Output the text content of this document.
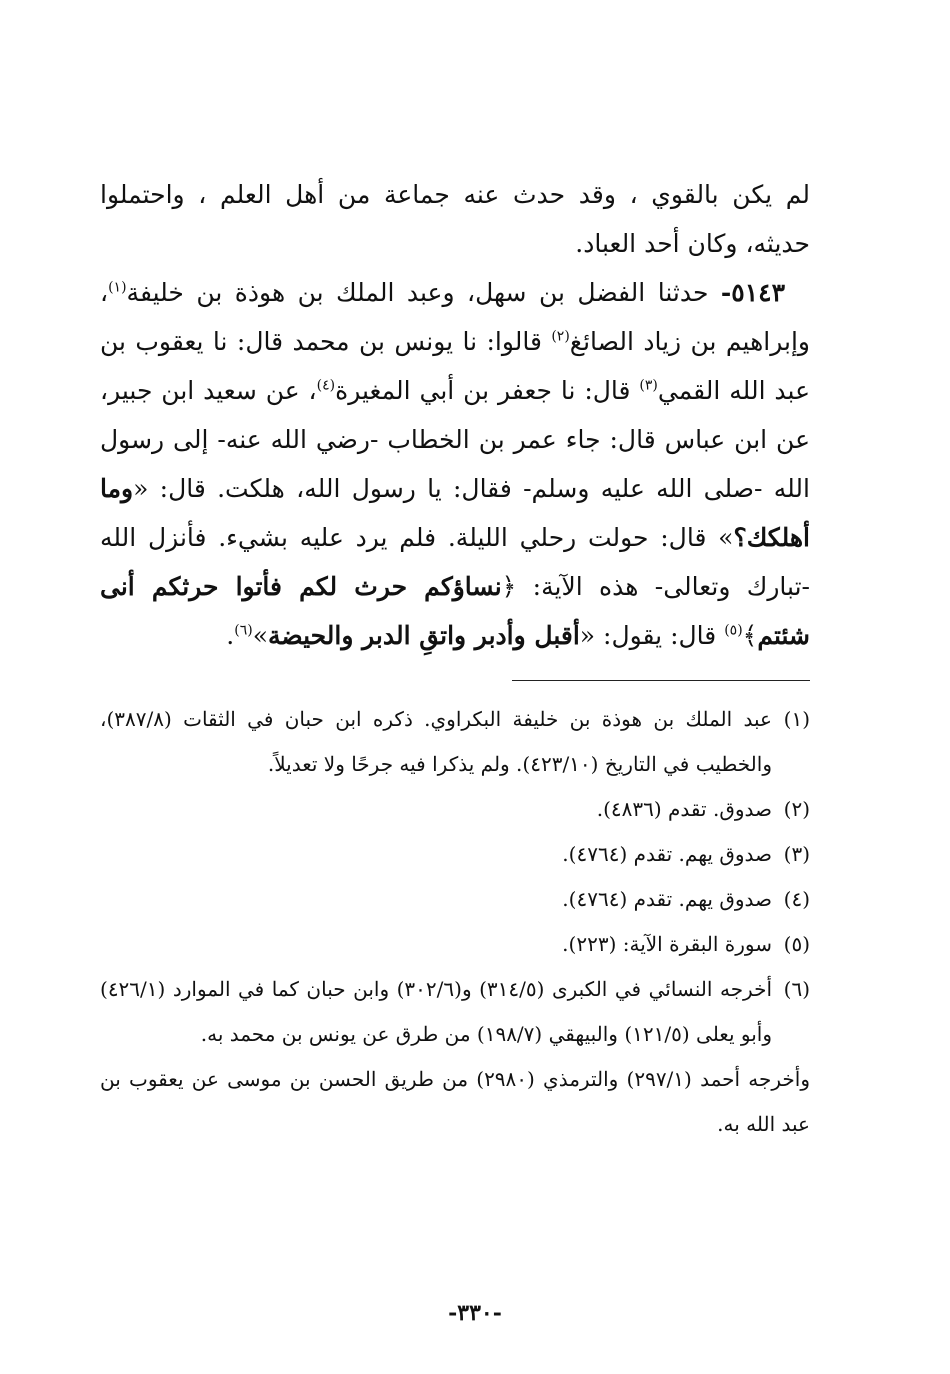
لم يكن بالقوي ، وقد حدث عنه جماعة من أهل العلم ، واحتملوا حديثه، وكان أحد العباد.

 ٥١٤٣- حدثنا الفضل بن سهل، وعبد الملك بن هوذة بن خليفة$^{(١)}$، وإبراهيم بن زياد الصائغ$^{(٢)}$ قالوا: نا يونس بن محمد قال: نا يعقوب بن عبد الله القمي$^{(٣)}$ قال: نا جعفر بن أبي المغيرة$^{(٤)}$، عن سعيد ابن جبير، عن ابن عباس قال: جاء عمر بن الخطاب -رضي الله عنه- إلى رسول الله -صلى الله عليه وسلم- فقال: يا رسول الله، هلكت. قال: «وما أهلكك؟» قال: حولت رحلي الليلة. فلم يرد عليه بشيء. فأنزل الله -تبارك وتعالى- هذه الآية: ﴿نساؤكم حرث لكم فأتوا حرثكم أنى شئتم﴾$^{(٥)}$ قال: يقول: «أقبل وأدبر واتقِ الدبر والحيضة»$^{(٦)}$.

(١)
عبد الملك بن هوذة بن خليفة البكراوي. ذكره ابن حبان في الثقات (٣٨٧/٨)، والخطيب في التاريخ (٤٢٣/١٠). ولم يذكرا فيه جرحًا ولا تعديلاً.
(٢)
صدوق. تقدم (٤٨٣٦).
(٣)
صدوق يهم. تقدم (٤٧٦٤).
(٤)
صدوق يهم. تقدم (٤٧٦٤).
(٥)
سورة البقرة الآية: (٢٢٣).
(٦)
أخرجه النسائي في الكبرى (٣١٤/٥) و(٣٠٢/٦) وابن حبان كما في الموارد (٤٢٦/١) وأبو يعلى (١٢١/٥) والبيهقي (١٩٨/٧) من طرق عن يونس بن محمد به.
وأخرجه أحمد (٢٩٧/١) والترمذي (٢٩٨٠) من طريق الحسن بن موسى عن يعقوب بن عبد الله به.
-٣٣٠-
